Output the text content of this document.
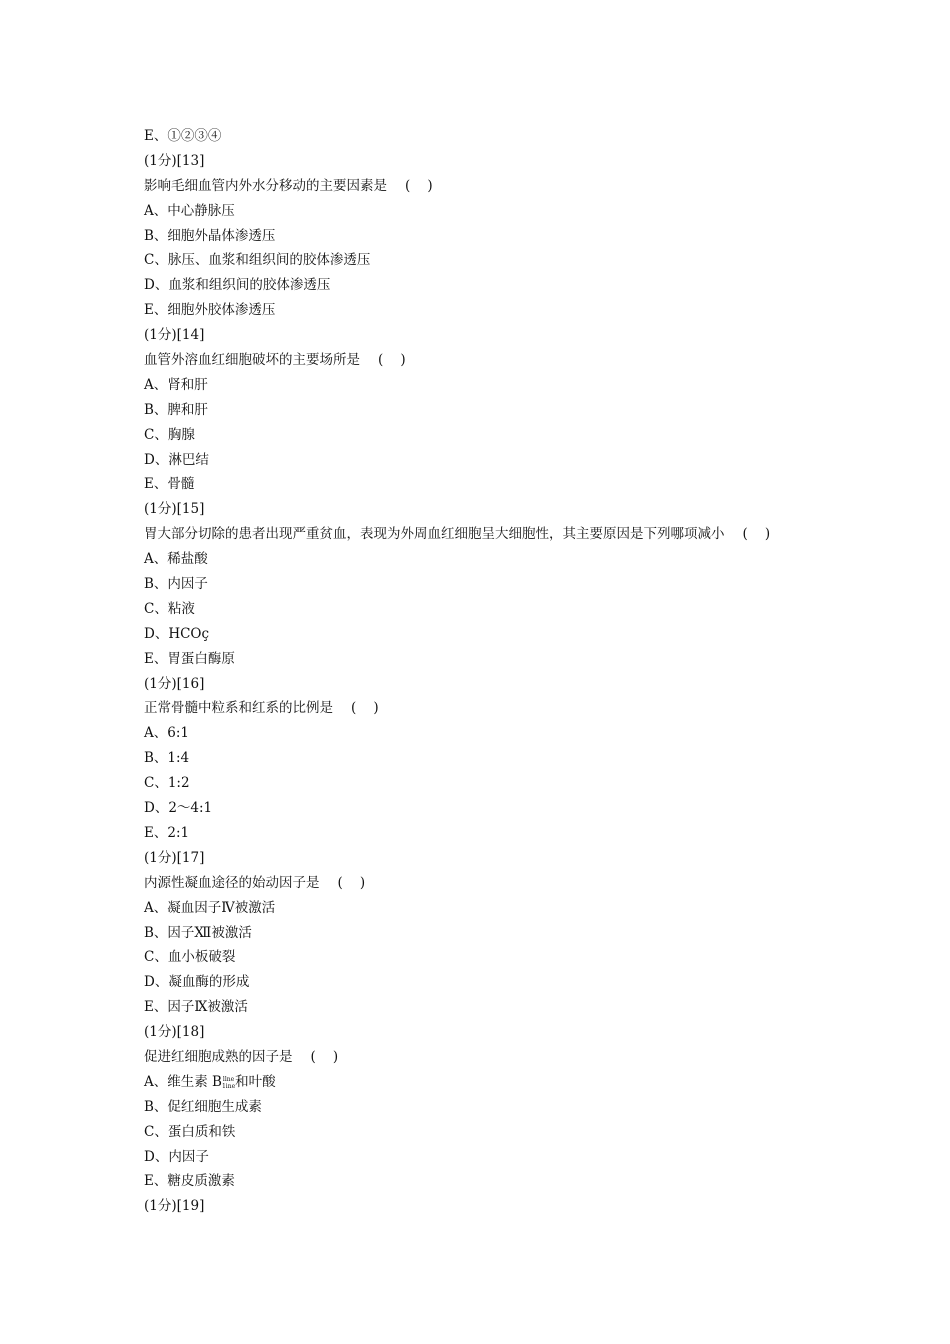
E、①②③④
(1分)[13]
影响毛细血管内外水分移动的主要因素是 (    )
A、中心静脉压
B、细胞外晶体渗透压
C、脉压、血浆和组织间的胶体渗透压
D、血浆和组织间的胶体渗透压
E、细胞外胶体渗透压
(1分)[14]
血管外溶血红细胞破坏的主要场所是 (    )
A、肾和肝
B、脾和肝
C、胸腺
D、淋巴结
E、骨髓
(1分)[15]
胃大部分切除的患者出现严重贫血，表现为外周血红细胞呈大细胞性，其主要原因是下列哪项减小 (    )
A、稀盐酸
B、内因子
C、粘液
D、HCOç
E、胃蛋白酶原
(1分)[16]
正常骨髓中粒系和红系的比例是 (    )
A、6:1
B、1:4
C、1:2
D、2～4:1
E、2:1
(1分)[17]
内源性凝血途径的始动因子是 (    )
A、凝血因子Ⅳ被激活
B、因子Ⅻ被激活
C、血小板破裂
D、凝血酶的形成
E、因子Ⅸ被激活
(1分)[18]
促进红细胞成熟的因子是 (    )
A、维生素 B llne
1ine 和叶酸
B、促红细胞生成素
C、蛋白质和铁
D、内因子
E、糖皮质激素
(1分)[19]
